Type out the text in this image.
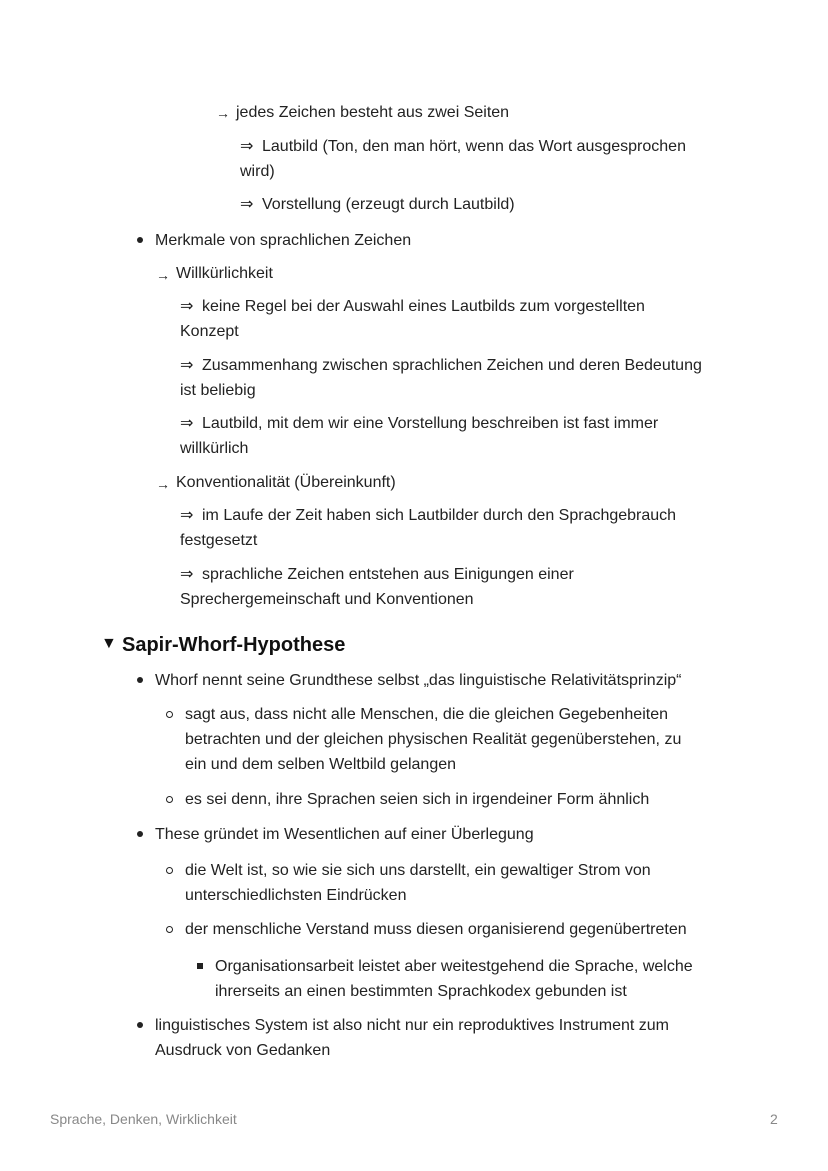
→ jedes Zeichen besteht aus zwei Seiten

⇒ Lautbild (Ton, den man hört, wenn das Wort ausgesprochen

wird)

⇒ Vorstellung (erzeugt durch Lautbild)

Merkmale von sprachlichen Zeichen

→ Willkürlichkeit

⇒ keine Regel bei der Auswahl eines Lautbilds zum vorgestellten

Konzept

⇒ Zusammenhang zwischen sprachlichen Zeichen und deren Bedeutung

ist beliebig

⇒ Lautbild, mit dem wir eine Vorstellung beschreiben ist fast immer

willkürlich

→ Konventionalität (Übereinkunft)

⇒ im Laufe der Zeit haben sich Lautbilder durch den Sprachgebrauch

festgesetzt

⇒ sprachliche Zeichen entstehen aus Einigungen einer

Sprechergemeinschaft und Konventionen

▼ Sapir-Whorf-Hypothese

Whorf nennt seine Grundthese selbst „das linguistische Relativitätsprinzip“

sagt aus, dass nicht alle Menschen, die die gleichen Gegebenheiten

betrachten und der gleichen physischen Realität gegenüberstehen, zu

ein und dem selben Weltbild gelangen

es sei denn, ihre Sprachen seien sich in irgendeiner Form ähnlich

These gründet im Wesentlichen auf einer Überlegung

die Welt ist, so wie sie sich uns darstellt, ein gewaltiger Strom von

unterschiedlichsten Eindrücken

der menschliche Verstand muss diesen organisierend gegenübertreten

Organisationsarbeit leistet aber weitestgehend die Sprache, welche

ihrerseits an einen bestimmten Sprachkodex gebunden ist

linguistisches System ist also nicht nur ein reproduktives Instrument zum

Ausdruck von Gedanken

Sprache, Denken, Wirklichkeit	2
